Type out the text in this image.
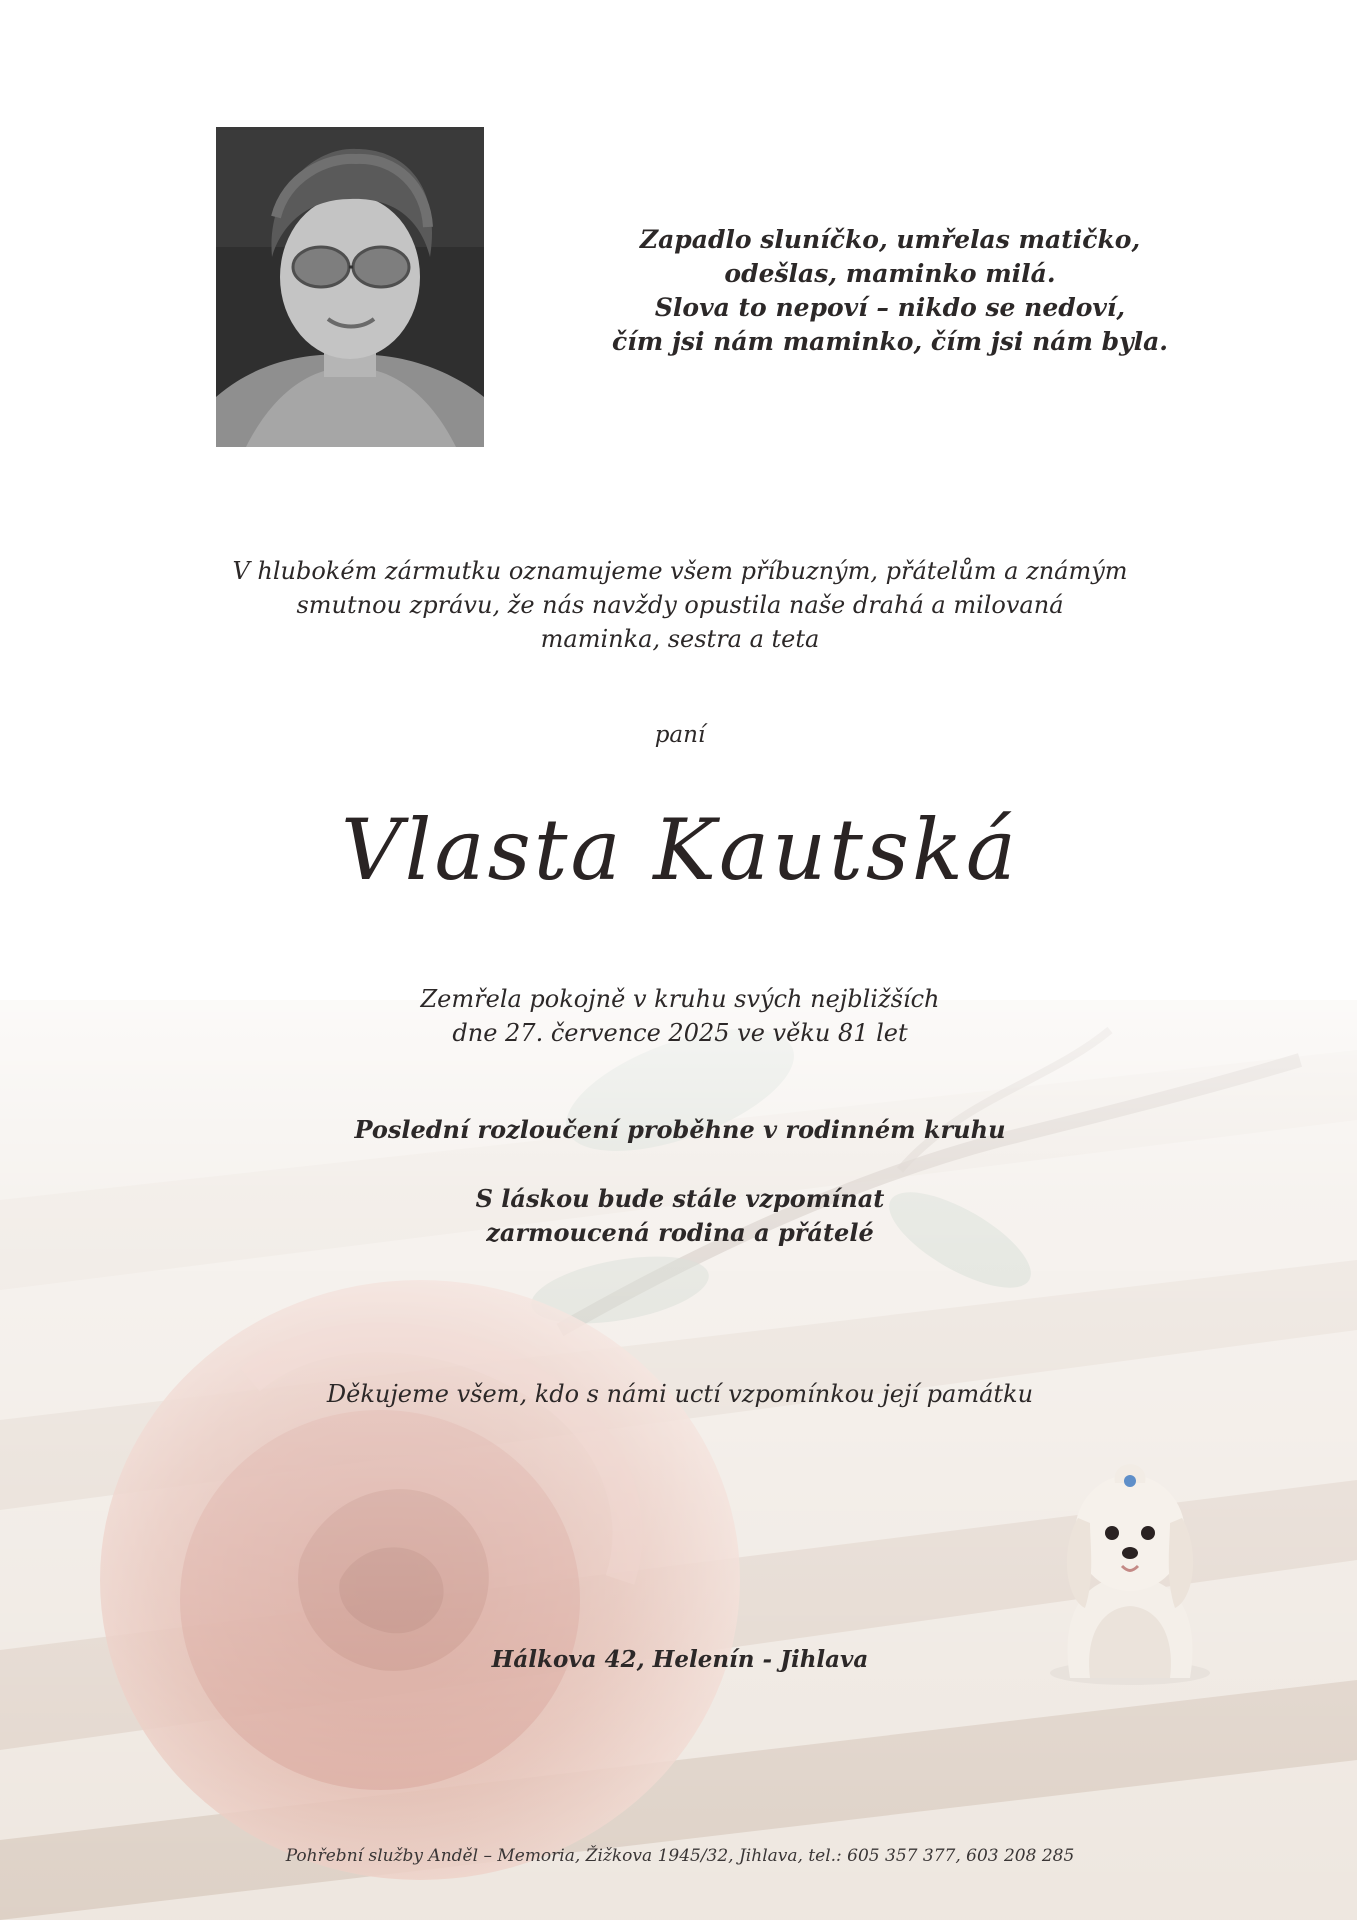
Zapadlo sluníčko, umřelas matičko,
odešlas, maminko milá.
Slova to nepoví – nikdo se nedoví,
čím jsi nám maminko, čím jsi nám byla.
V hlubokém zármutku oznamujeme všem příbuzným, přátelům a známým
smutnou zprávu, že nás navždy opustila naše drahá a milovaná
maminka, sestra a teta
paní
Vlasta Kautská
Zemřela pokojně v kruhu svých nejbližších
dne 27. července 2025 ve věku 81 let
Poslední rozloučení proběhne v rodinném kruhu
S láskou bude stále vzpomínat
zarmoucená rodina a přátelé
Děkujeme všem, kdo s námi uctí vzpomínkou její památku
Hálkova 42, Helenín - Jihlava
Pohřební služby Anděl – Memoria, Žižkova 1945/32, Jihlava, tel.: 605 357 377, 603 208 285
